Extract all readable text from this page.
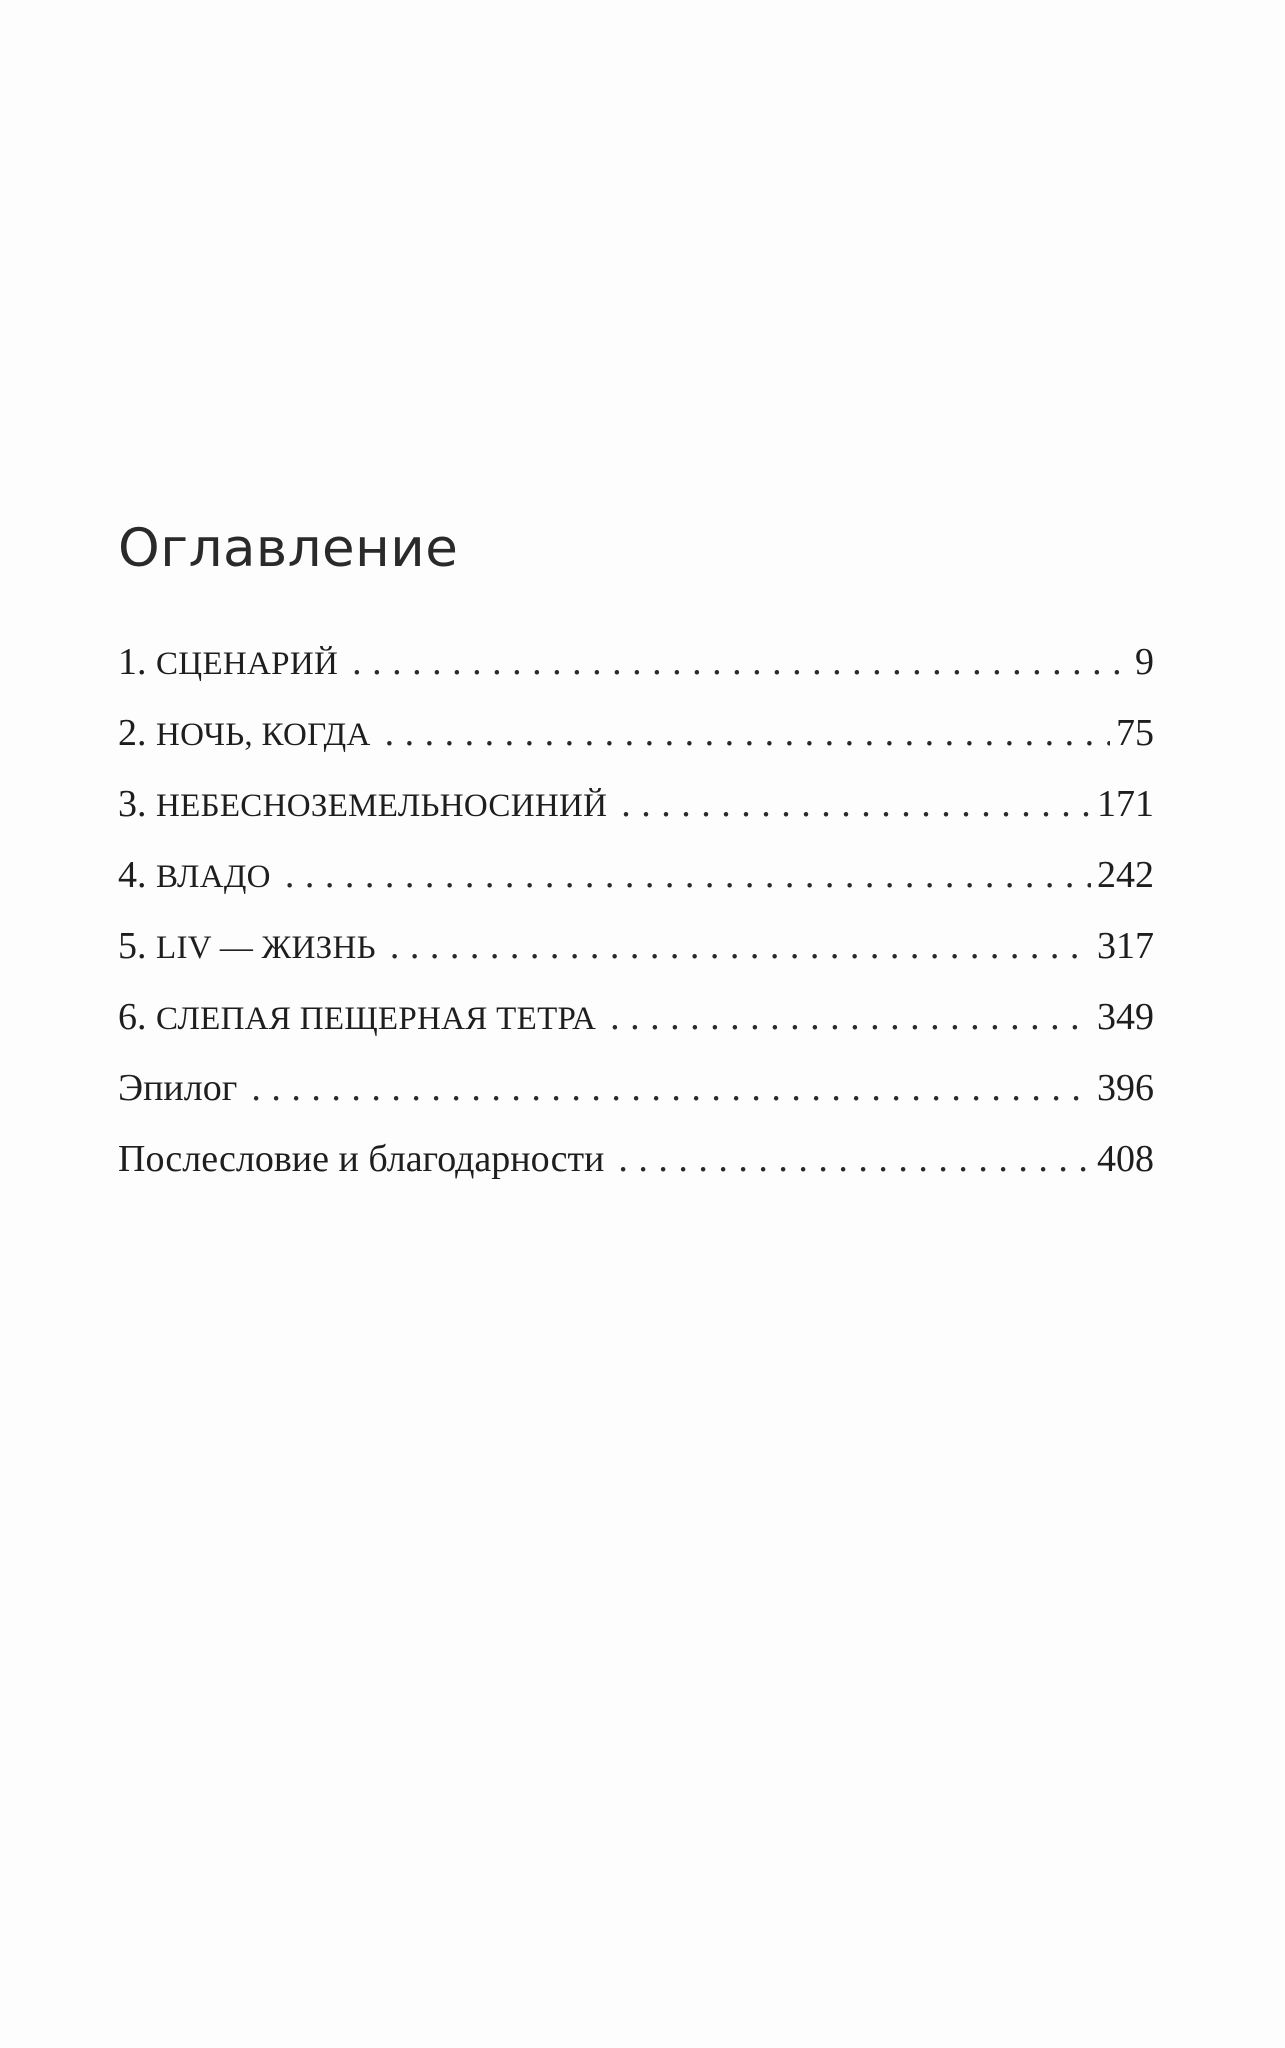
Оглавление
1. СЦЕНАРИЙ .....	9
2. НОЧЬ, КОГДА .....	75
3. НЕБЕСНОЗЕМЕЛЬНОСИНИЙ .....	171
4. ВЛАДО .....	242
5. LIV — ЖИЗНЬ .....	317
6. СЛЕПАЯ ПЕЩЕРНАЯ ТЕТРА .....	349
Эпилог .....	396
Послесловие и благодарности .....	408
